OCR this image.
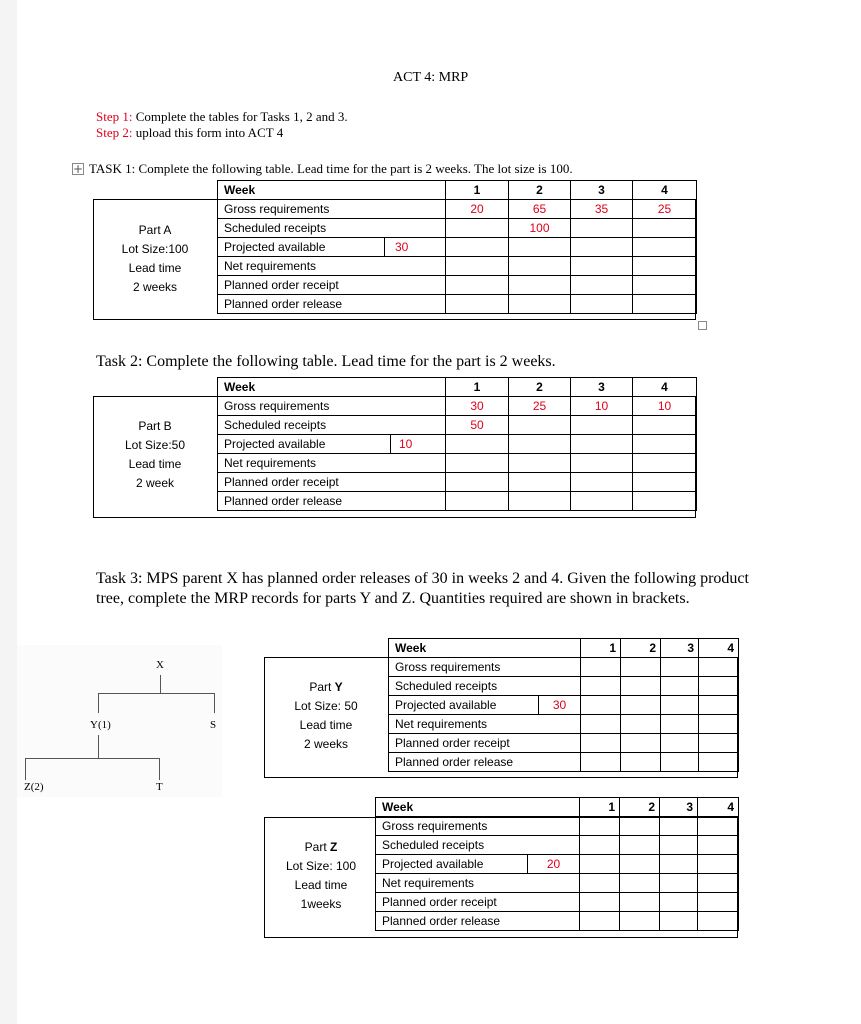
ACT 4: MRP
Step 1: Complete the tables for Tasks 1, 2 and 3.
Step 2: upload this form into ACT 4
+ TASK 1: Complete the following table. Lead time for the part is 2 weeks. The lot size is 100.
Part A
Lot Size:100
Lead time
2 weeks
Week		1	2	3	4
Gross requirements		20	65	35	25
Scheduled receipts			100		
Projected available	30				
Net requirements					
Planned order receipt					
Planned order release					
Task 2: Complete the following table. Lead time for the part is 2 weeks.
Part B
Lot Size:50
Lead time
2 week
Week		1	2	3	4
Gross requirements		30	25	10	10
Scheduled receipts		50			
Projected available	10				
Net requirements					
Planned order receipt					
Planned order release					
Task 3: MPS parent X has planned order releases of 30 in weeks 2 and 4. Given the following product tree, complete the MRP records for parts Y and Z. Quantities required are shown in brackets.
X
Y(1)	S
Z(2)	T
Part Y
Lot Size: 50
Lead time
2 weeks
Week		1	2	3	4
Gross requirements					
Scheduled receipts					
Projected available	30				
Net requirements					
Planned order receipt					
Planned order release					
Part Z
Lot Size: 100
Lead time
1weeks
Week		1	2	3	4
Gross requirements					
Scheduled receipts					
Projected available	20				
Net requirements					
Planned order receipt					
Planned order release					
